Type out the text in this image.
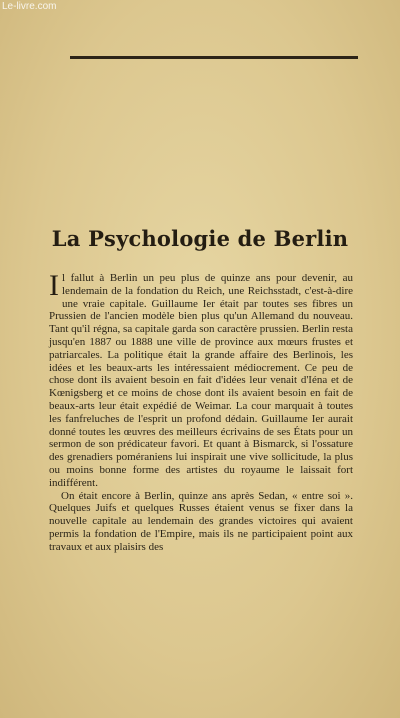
Le-livre.com
La Psychologie de Berlin

Il fallut à Berlin un peu plus de quinze ans pour devenir, au lendemain de la fondation du Reich, une Reichsstadt, c'est-à-dire une vraie capitale. Guillaume Ier était par toutes ses fibres un Prussien de l'ancien modèle bien plus qu'un Allemand du nouveau. Tant qu'il régna, sa capitale garda son caractère prussien. Berlin resta jusqu'en 1887 ou 1888 une ville de province aux mœurs frustes et patriarcales. La politique était la grande affaire des Berlinois, les idées et les beaux-arts les intéressaient médiocrement. Ce peu de chose dont ils avaient besoin en fait d'idées leur venait d'Iéna et de Kœnigsberg et ce moins de chose dont ils avaient besoin en fait de beaux-arts leur était expédié de Weimar. La cour marquait à toutes les fanfreluches de l'esprit un profond dédain. Guillaume Ier aurait donné toutes les œuvres des meilleurs écrivains de ses États pour un sermon de son prédicateur favori. Et quant à Bismarck, si l'ossature des grenadiers poméraniens lui inspirait une vive sollicitude, la plus ou moins bonne forme des artistes du royaume le laissait fort indifférent.

On était encore à Berlin, quinze ans après Sedan, « entre soi ». Quelques Juifs et quelques Russes étaient venus se fixer dans la nouvelle capitale au lendemain des grandes victoires qui avaient permis la fondation de l'Empire, mais ils ne participaient point aux travaux et aux plaisirs des
